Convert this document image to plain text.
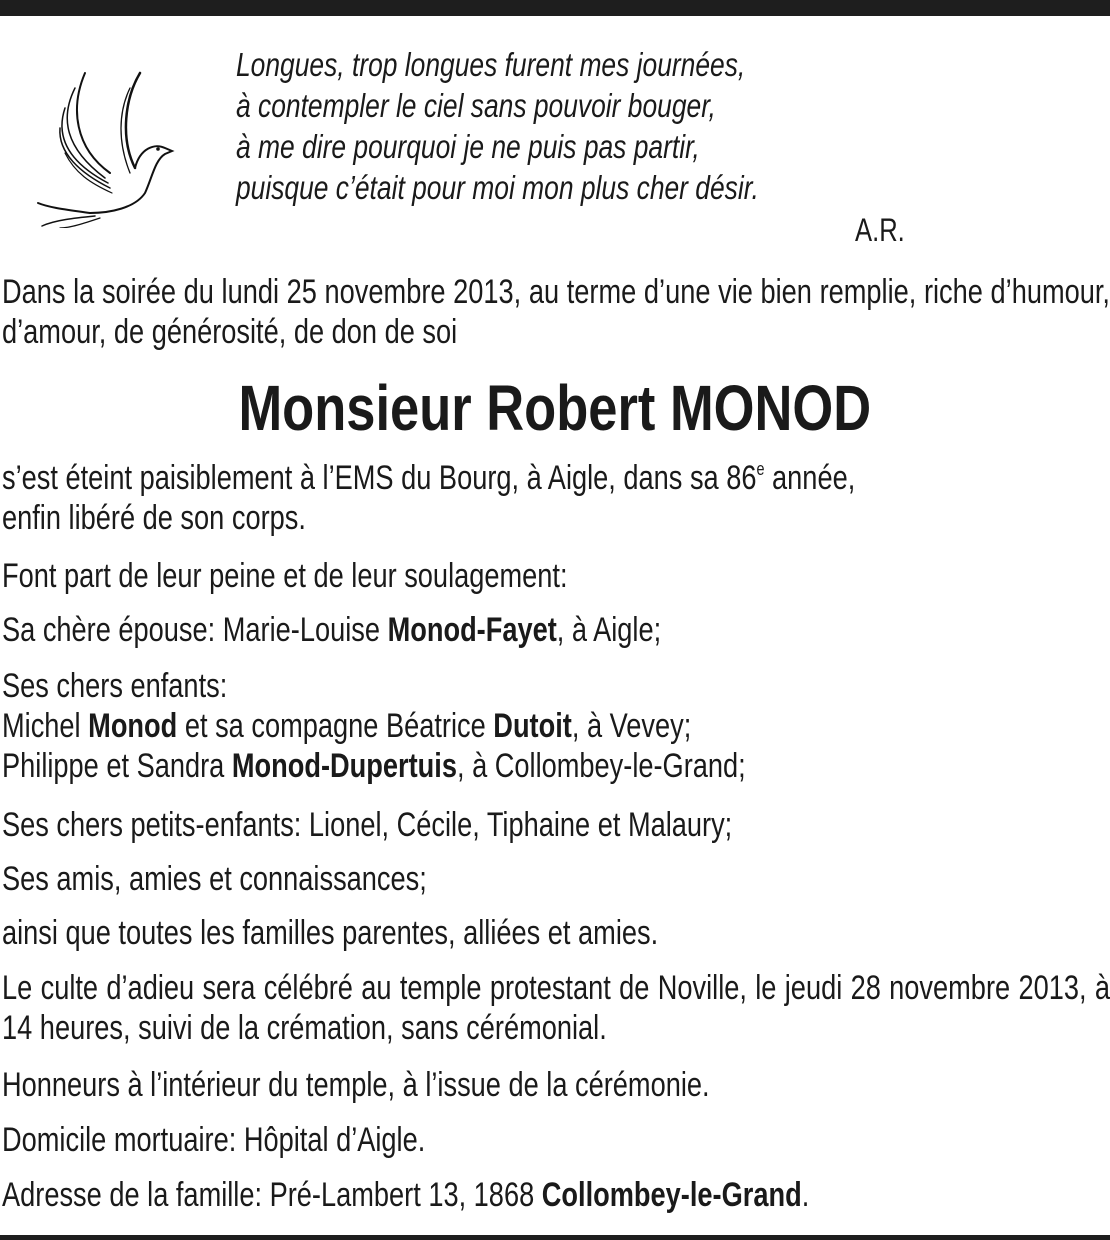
Longues, trop longues furent mes journées,
à contempler le ciel sans pouvoir bouger,
à me dire pourquoi je ne puis pas partir,
puisque c’était pour moi mon plus cher désir.
A.R.
Dans la soirée du lundi 25 novembre 2013, au terme d’une vie bien remplie, riche d’humour, d’amour, de générosité, de don de soi
Monsieur Robert MONOD
s’est éteint paisiblement à l’EMS du Bourg, à Aigle, dans sa 86e année,
enfin libéré de son corps.
Font part de leur peine et de leur soulagement:
Sa chère épouse: Marie-Louise Monod-Fayet, à Aigle;
Ses chers enfants:
Michel Monod et sa compagne Béatrice Dutoit, à Vevey;
Philippe et Sandra Monod-Dupertuis, à Collombey-le-Grand;
Ses chers petits-enfants: Lionel, Cécile, Tiphaine et Malaury;
Ses amis, amies et connaissances;
ainsi que toutes les familles parentes, alliées et amies.
Le culte d’adieu sera célébré au temple protestant de Noville, le jeudi 28 novembre 2013, à 14 heures, suivi de la crémation, sans cérémonial.
Honneurs à l’intérieur du temple, à l’issue de la cérémonie.
Domicile mortuaire: Hôpital d’Aigle.
Adresse de la famille: Pré-Lambert 13, 1868 Collombey-le-Grand.
